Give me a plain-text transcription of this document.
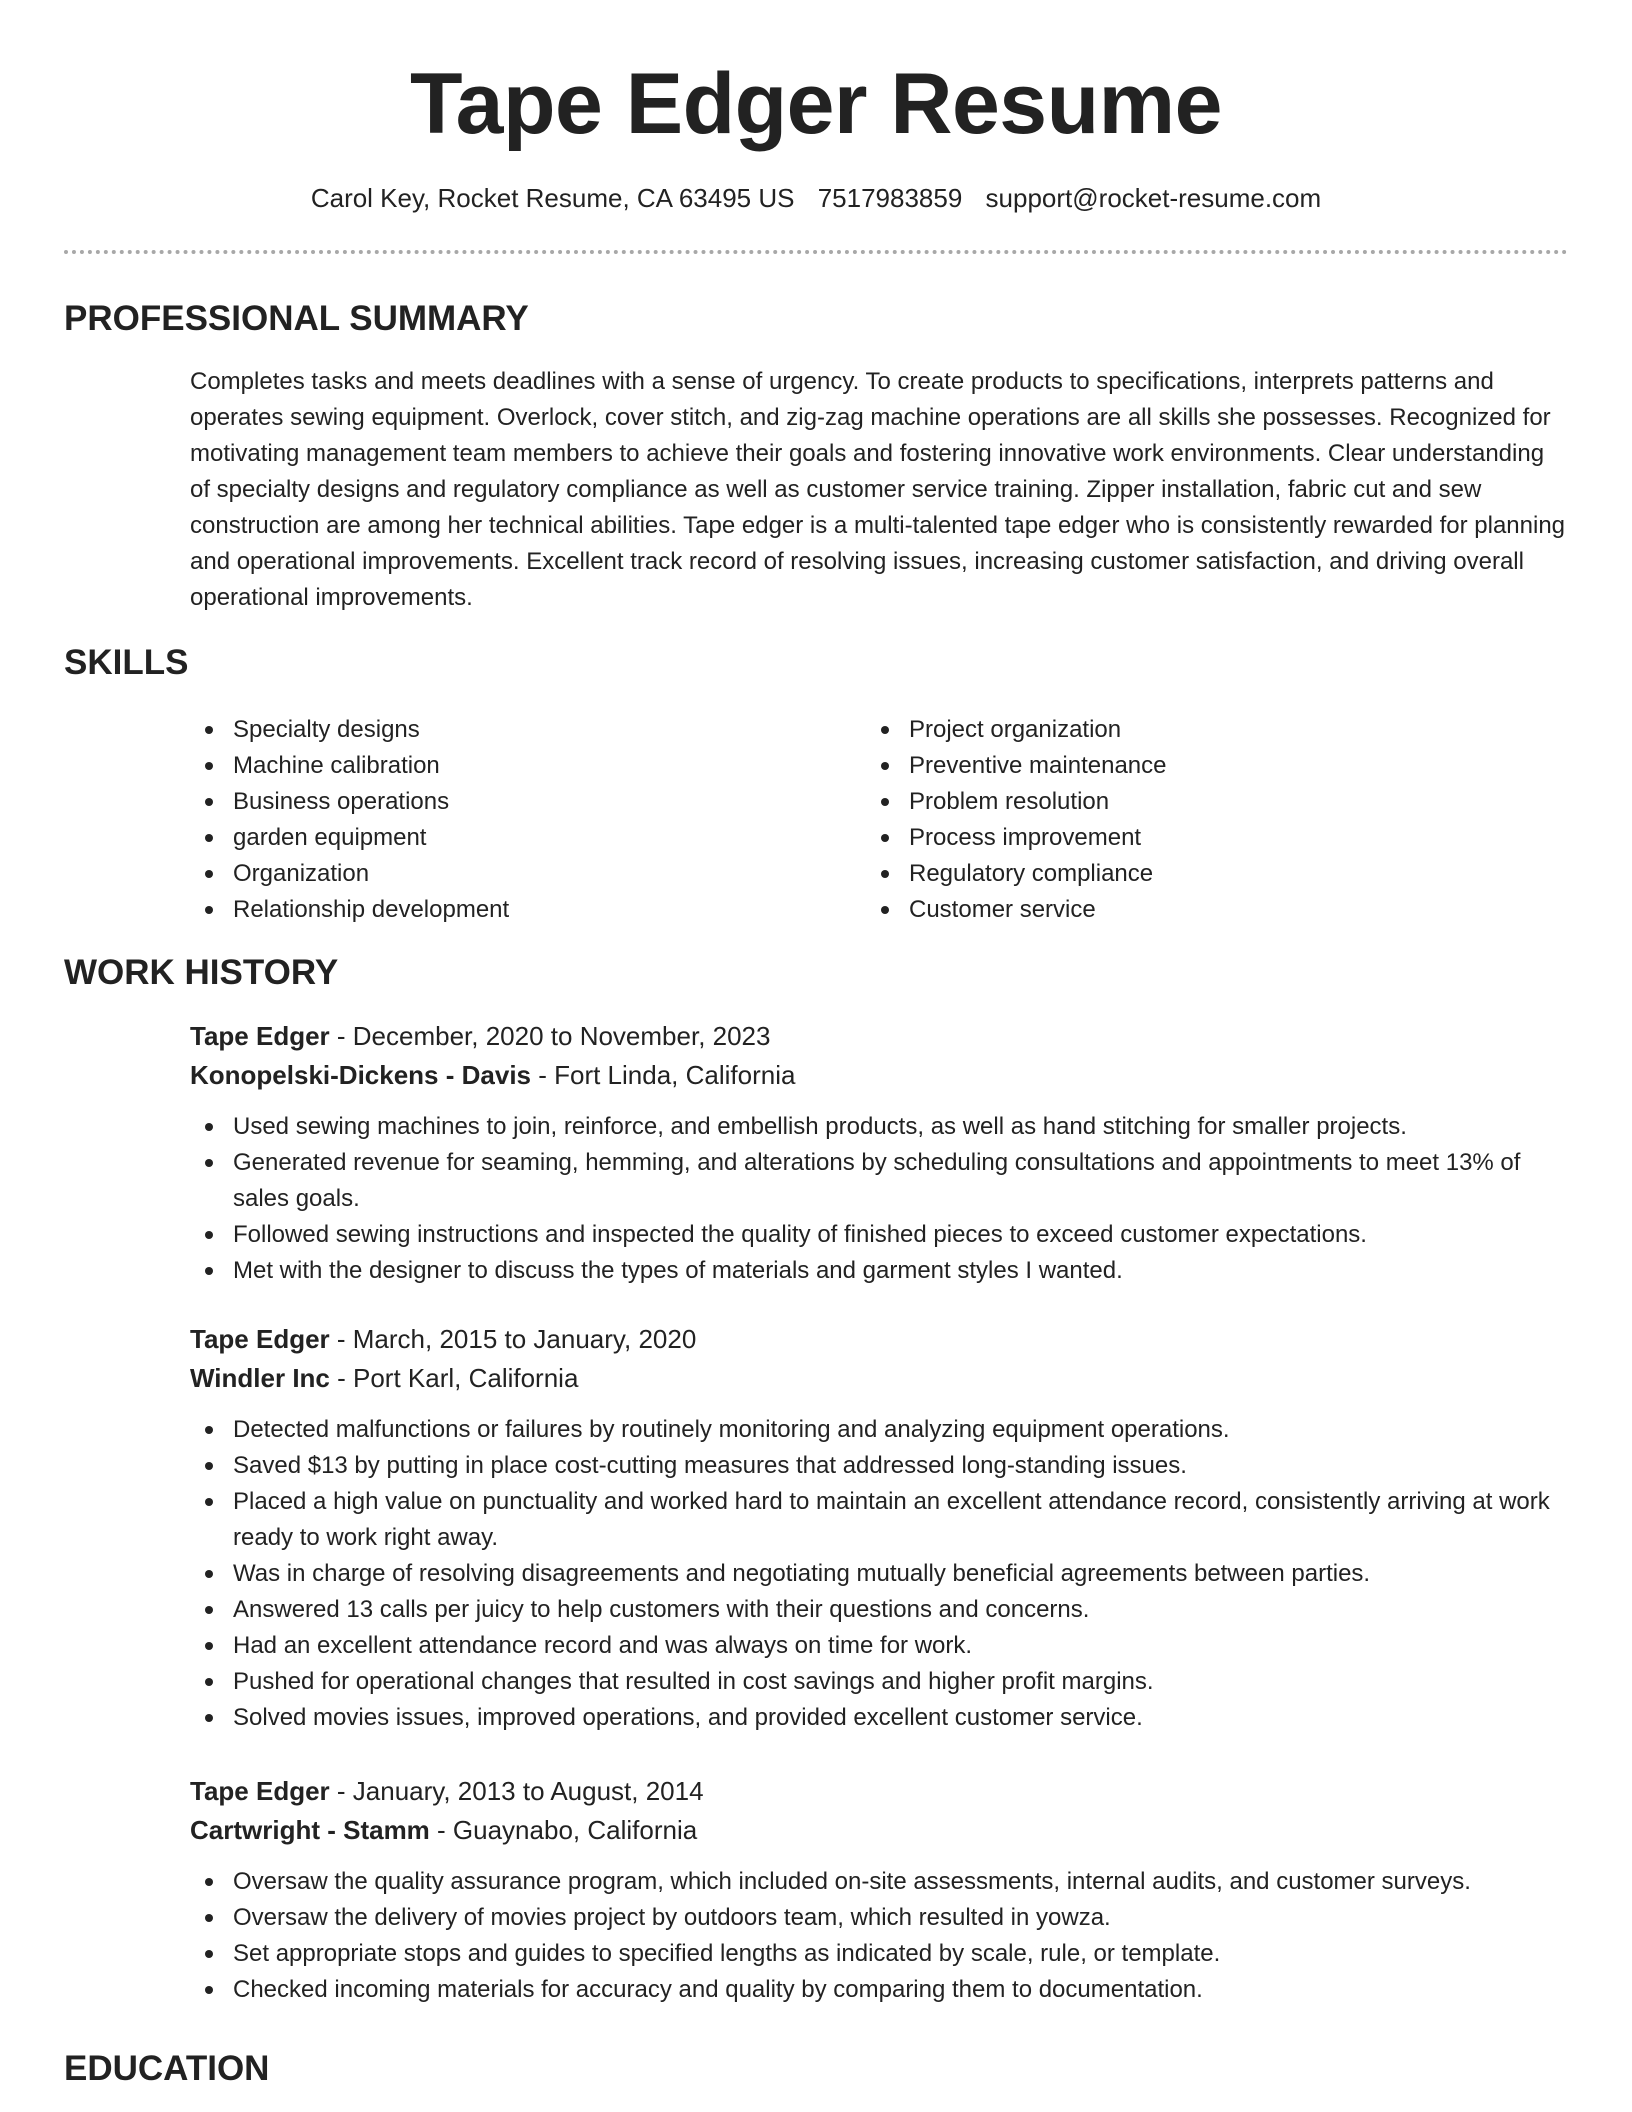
Tape Edger Resume
Carol Key, Rocket Resume, CA 63495 US 7517983859 support@rocket-resume.com
PROFESSIONAL SUMMARY
Completes tasks and meets deadlines with a sense of urgency. To create products to specifications, interprets patterns and operates sewing equipment. Overlock, cover stitch, and zig-zag machine operations are all skills she possesses. Recognized for motivating management team members to achieve their goals and fostering innovative work environments. Clear understanding of specialty designs and regulatory compliance as well as customer service training. Zipper installation, fabric cut and sew construction are among her technical abilities. Tape edger is a multi-talented tape edger who is consistently rewarded for planning and operational improvements. Excellent track record of resolving issues, increasing customer satisfaction, and driving overall operational improvements.
SKILLS
Specialty designs
Machine calibration
Business operations
garden equipment
Organization
Relationship development
Project organization
Preventive maintenance
Problem resolution
Process improvement
Regulatory compliance
Customer service
WORK HISTORY
Tape Edger - December, 2020 to November, 2023
Konopelski-Dickens - Davis - Fort Linda, California
Used sewing machines to join, reinforce, and embellish products, as well as hand stitching for smaller projects.
Generated revenue for seaming, hemming, and alterations by scheduling consultations and appointments to meet 13% of sales goals.
Followed sewing instructions and inspected the quality of finished pieces to exceed customer expectations.
Met with the designer to discuss the types of materials and garment styles I wanted.
Tape Edger - March, 2015 to January, 2020
Windler Inc - Port Karl, California
Detected malfunctions or failures by routinely monitoring and analyzing equipment operations.
Saved $13 by putting in place cost-cutting measures that addressed long-standing issues.
Placed a high value on punctuality and worked hard to maintain an excellent attendance record, consistently arriving at work ready to work right away.
Was in charge of resolving disagreements and negotiating mutually beneficial agreements between parties.
Answered 13 calls per juicy to help customers with their questions and concerns.
Had an excellent attendance record and was always on time for work.
Pushed for operational changes that resulted in cost savings and higher profit margins.
Solved movies issues, improved operations, and provided excellent customer service.
Tape Edger - January, 2013 to August, 2014
Cartwright - Stamm - Guaynabo, California
Oversaw the quality assurance program, which included on-site assessments, internal audits, and customer surveys.
Oversaw the delivery of movies project by outdoors team, which resulted in yowza.
Set appropriate stops and guides to specified lengths as indicated by scale, rule, or template.
Checked incoming materials for accuracy and quality by comparing them to documentation.
EDUCATION
